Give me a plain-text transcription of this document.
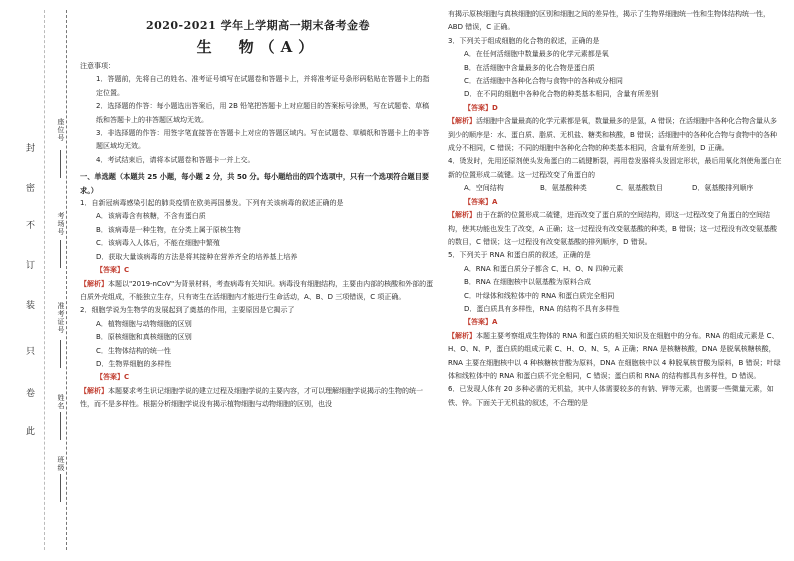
封
密
不
订
装
只
卷
此
座位号
考场号
准考证号
姓名
班级

2020-2021 学年上学期高一期末备考金卷

生　物（A）

注意事项：

1．答题前，先将自己的姓名、准考证号填写在试题卷和答题卡上，并将准考证号条形码粘贴在答题卡上的指定位置。

2．选择题的作答：每小题选出答案后，用 2B 铅笔把答题卡上对应题目的答案标号涂黑，写在试题卷、草稿纸和答题卡上的非答题区域均无效。

3．非选择题的作答：用签字笔直接答在答题卡上对应的答题区域内。写在试题卷、草稿纸和答题卡上的非答题区域均无效。

4．考试结束后，请将本试题卷和答题卡一并上交。

一、单选题（本题共 25 小题，每小题 2 分，共 50 分。每小题给出的四个选项中，只有一个选项符合题目要求。）

1．自新冠病毒感染引起的肺炎疫情在欧美再国暴发。下列有关该病毒的叙述正确的是

A．该病毒含有核糖，不含有蛋白质

B．该病毒是一种生物，在分类上属于原核生物

C．该病毒入人体后，不能在细胞中繁殖

D．获取大量该病毒的方法是将其接种在营养齐全的培养基上培养

【答案】C

【解析】本题以"2019-nCoV"为背景材料，考查病毒有关知识。病毒没有细胞结构，主要由内部的核酸和外部的蛋白质外壳组成，不能独立生存，只有寄生在活细胞内才能进行生命活动，A、B、D 三项错误，C 项正确。

2．细胞学说为生物学的发展起到了奠基的作用，主要原因是它揭示了

A．植物细胞与动物细胞的区别

B．原核细胞和真核细胞的区别

C．生物体结构的统一性

D．生物界细胞的多样性

【答案】C

【解析】本题要求考生识记细胞学说的建立过程及细胞学说的主要内容，才可以理解细胞学说揭示的生物的统一性，而不是多样性。根据分析细胞学说没有揭示植物细胞与动物细胞的区别，也没

有揭示原核细胞与真核细胞的区别和细胞之间的差异性，揭示了生物界细胞统一性和生物体结构统一性，ABD 错误，C 正确。

3．下列关于组成细胞的化合物的叙述，正确的是

A．在任何活细胞中数量最多的化学元素都是氧

B．在活细胞中含量最多的化合物是蛋白质

C．在活细胞中各种化合物与食物中的各种成分相同

D．在不同的细胞中各种化合物的种类基本相同，含量有所差别

【答案】D

【解析】活细胞中含量最高的化学元素都是氧，数量最多的是氢，A 错误；在活细胞中各种化合物含量从多到少的顺序是：水、蛋白质、脂质、无机盐、糖类和核酸，B 错误；活细胞中的各种化合物与食物中的各种成分不相同，C 错误；不同的细胞中各种化合物的种类基本相同，含量有所差别，D 正确。

4．烫发时，先用还原剂使头发角蛋白的二硫键断裂，再用卷发器将头发固定形状，最后用氧化剂使角蛋白在新的位置形成二硫键。这一过程改变了角蛋白的

A．空间结构	B．氨基酸种类	C．氨基酸数目	D．氨基酸排列顺序

【答案】A

【解析】由于在新的位置形成二硫键，进而改变了蛋白质的空间结构，即这一过程改变了角蛋白的空间结构，使其功能也发生了改变，A 正确；这一过程没有改变氨基酸的种类，B 错误；这一过程没有改变氨基酸的数目，C 错误；这一过程没有改变氨基酸的排列顺序，D 错误。

5．下列关于 RNA 和蛋白质的叙述，正确的是

A．RNA 和蛋白质分子都含 C、H、O、N 四种元素

B．RNA 在细胞核中以氨基酸为原料合成

C．叶绿体和线粒体中的 RNA 和蛋白质完全相同

D．蛋白质具有多样性，RNA 的结构不具有多样性

【答案】A

【解析】本题主要考察组成生物体的 RNA 和蛋白质的相关知识及在细胞中的分布。RNA 的组成元素是 C、H、O、N、P，蛋白质的组成元素 C、H、O、N、S，A 正确；RNA 是核糖核酸，DNA 是脱氧核糖核酸，RNA 主要在细胞核中以 4 种核糖核苷酸为原料，DNA 在细胞核中以 4 种脱氧核苷酸为原料，B 错误；叶绿体和线粒体中的 RNA 和蛋白质不完全相同，C 错误；蛋白质和 RNA 的结构都具有多样性，D 错误。

6．已发现人体有 20 多种必需的无机盐，其中人体需要较多的有钠、钾等元素，也需要一些微量元素，如铁、锌。下面关于无机盐的叙述，不合理的是
